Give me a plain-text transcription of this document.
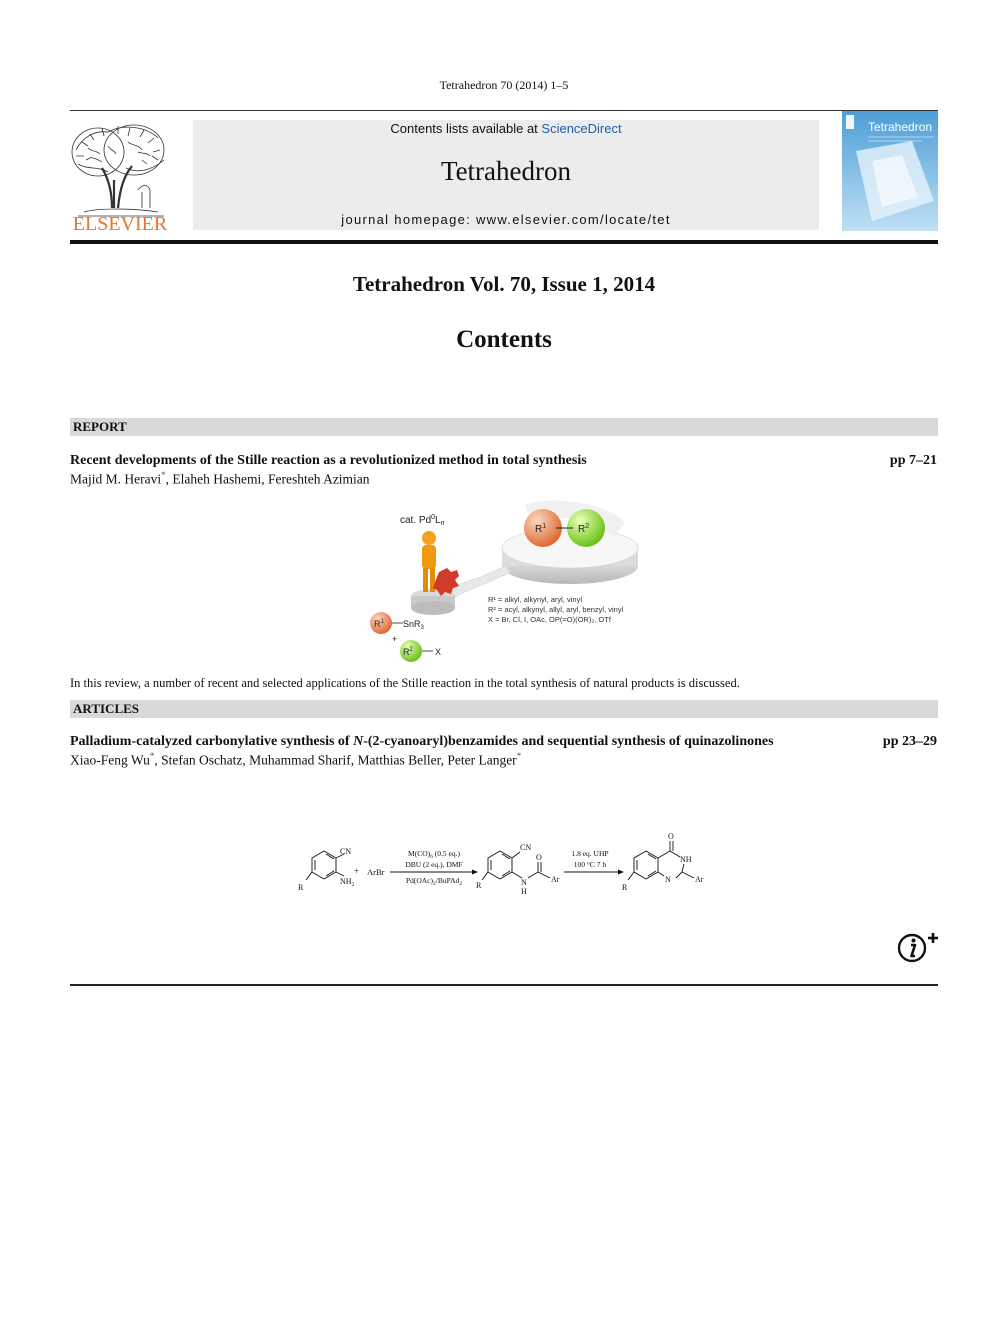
Tetrahedron 70 (2014) 1–5
ELSEVIER
Contents lists available at ScienceDirect
Tetrahedron
journal homepage: www.elsevier.com/locate/tet
Tetrahedron
Tetrahedron Vol. 70, Issue 1, 2014
Contents
REPORT
Recent developments of the Stille reaction as a revolutionized method in total synthesis	pp 7–21
Majid M. Heravi*, Elaheh Hashemi, Fereshteh Azimian
cat. $Pd^0L_n$
$R^1$	$R^2$
$R^1$ SnR$_3$
+
$R^2$ X
R¹ = alkyl, alkynyl, aryl, vinyl
R² = acyl, alkynyl, allyl, aryl, benzyl, vinyl
X = Br, Cl, I, OAc, OP(=O)(OR)₂, OTf
In this review, a number of recent and selected applications of the Stille reaction in the total synthesis of natural products is discussed.
ARTICLES
Palladium-catalyzed carbonylative synthesis of N-(2-cyanoaryl)benzamides and sequential synthesis of quinazolinones	pp 23–29
Xiao-Feng Wu*, Stefan Oschatz, Muhammad Sharif, Matthias Beller, Peter Langer*
CN
$NH_2$
R
+ ArBr
$M(CO)_6$ (0.5 eq.)
DBU (2 eq.), DMF
$Pd(OAc)_2/BuPAd_2$
CN
O
N
H
Ar
R
1.8 eq. UHP
100 °C 7 h
O
NH
N	Ar
R
